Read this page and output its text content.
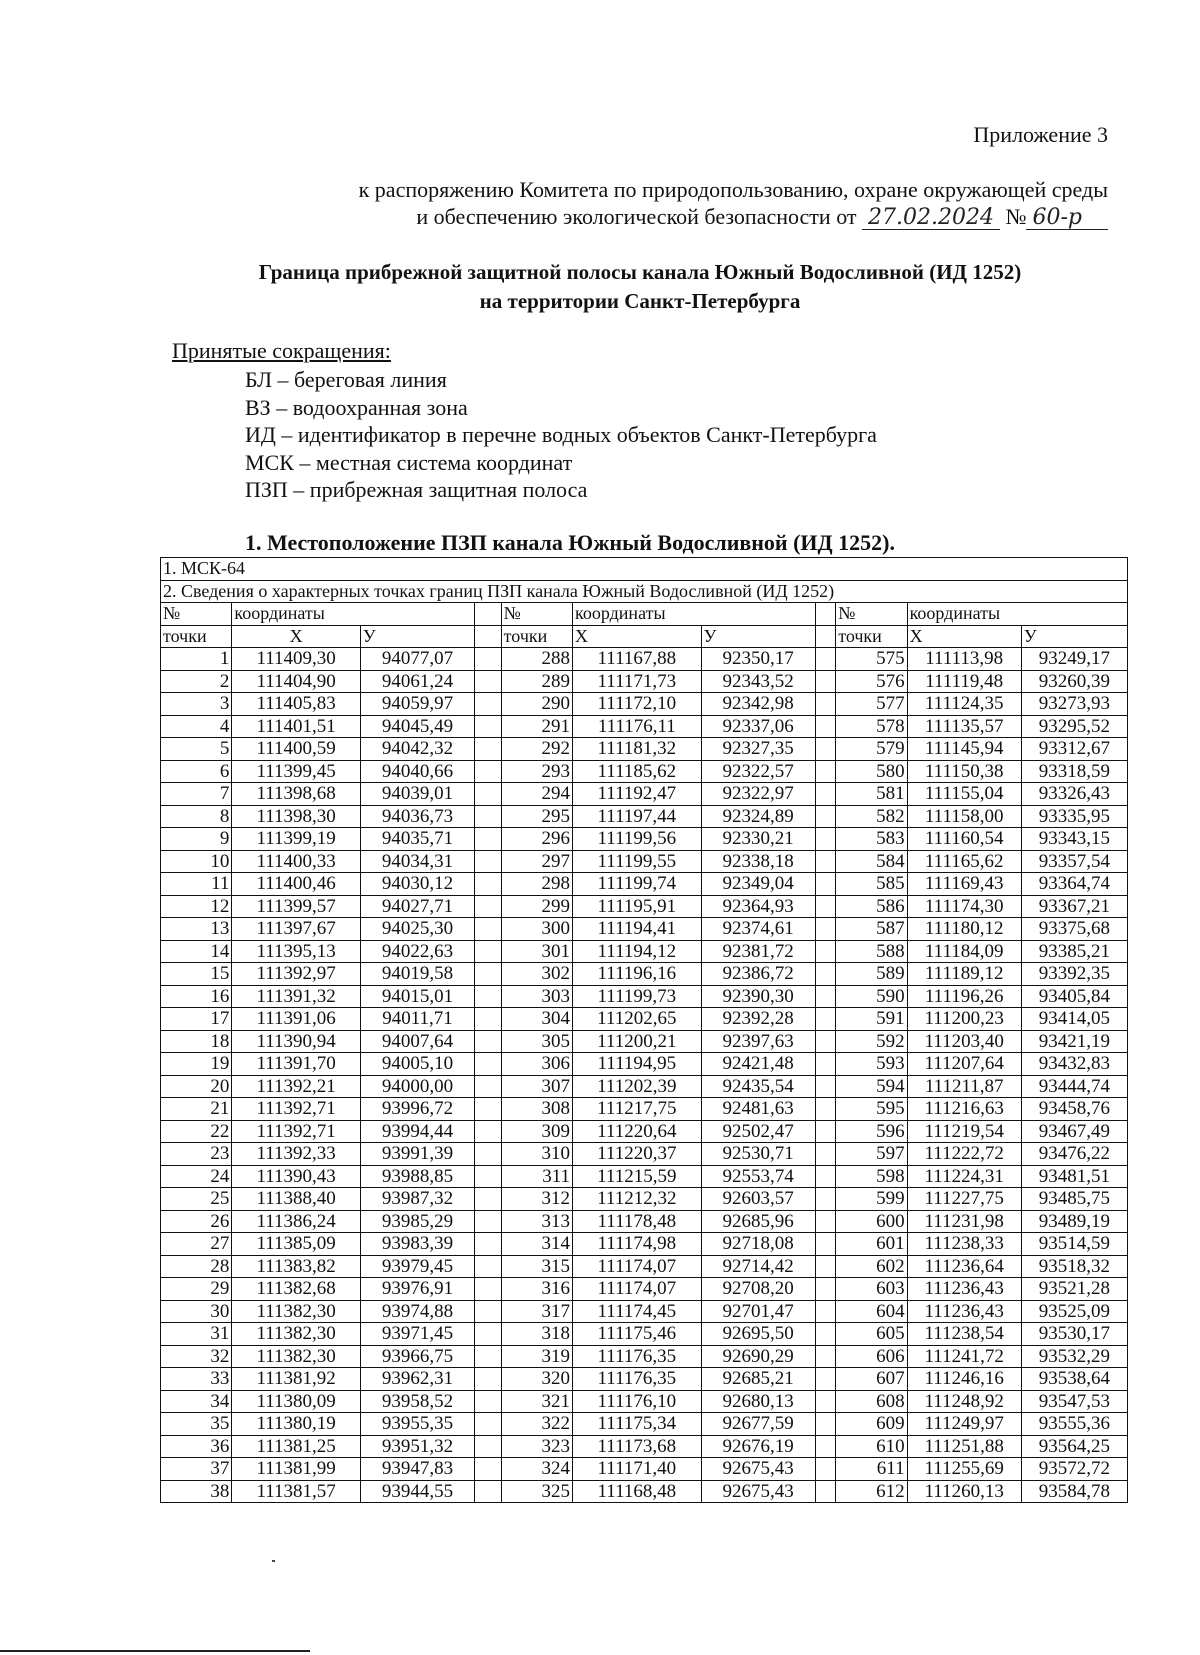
Приложение 3
к распоряжению Комитета по природопользованию, охране окружающей среды
и обеспечению экологической безопасности от 27.02.2024 № 60-р
Граница прибрежной защитной полосы канала Южный Водосливной (ИД 1252)
на территории Санкт-Петербурга
Принятые сокращения:
БЛ – береговая линия
ВЗ – водоохранная зона
ИД – идентификатор в перечне водных объектов Санкт-Петербурга
МСК – местная система координат
ПЗП – прибрежная защитная полоса
1. Местоположение ПЗП канала Южный Водосливной (ИД 1252).
1. МСК-64										
2. Сведения о характерных точках границ ПЗП канала Южный Водосливной (ИД 1252)										
№	координаты			№	координаты			№	координаты	
точки	Х	У		точки	Х	У		точки	Х	У
1	111409,30	94077,07		288	111167,88	92350,17		575	111113,98	93249,17
2	111404,90	94061,24		289	111171,73	92343,52		576	111119,48	93260,39
3	111405,83	94059,97		290	111172,10	92342,98		577	111124,35	93273,93
4	111401,51	94045,49		291	111176,11	92337,06		578	111135,57	93295,52
5	111400,59	94042,32		292	111181,32	92327,35		579	111145,94	93312,67
6	111399,45	94040,66		293	111185,62	92322,57		580	111150,38	93318,59
7	111398,68	94039,01		294	111192,47	92322,97		581	111155,04	93326,43
8	111398,30	94036,73		295	111197,44	92324,89		582	111158,00	93335,95
9	111399,19	94035,71		296	111199,56	92330,21		583	111160,54	93343,15
10	111400,33	94034,31		297	111199,55	92338,18		584	111165,62	93357,54
11	111400,46	94030,12		298	111199,74	92349,04		585	111169,43	93364,74
12	111399,57	94027,71		299	111195,91	92364,93		586	111174,30	93367,21
13	111397,67	94025,30		300	111194,41	92374,61		587	111180,12	93375,68
14	111395,13	94022,63		301	111194,12	92381,72		588	111184,09	93385,21
15	111392,97	94019,58		302	111196,16	92386,72		589	111189,12	93392,35
16	111391,32	94015,01		303	111199,73	92390,30		590	111196,26	93405,84
17	111391,06	94011,71		304	111202,65	92392,28		591	111200,23	93414,05
18	111390,94	94007,64		305	111200,21	92397,63		592	111203,40	93421,19
19	111391,70	94005,10		306	111194,95	92421,48		593	111207,64	93432,83
20	111392,21	94000,00		307	111202,39	92435,54		594	111211,87	93444,74
21	111392,71	93996,72		308	111217,75	92481,63		595	111216,63	93458,76
22	111392,71	93994,44		309	111220,64	92502,47		596	111219,54	93467,49
23	111392,33	93991,39		310	111220,37	92530,71		597	111222,72	93476,22
24	111390,43	93988,85		311	111215,59	92553,74		598	111224,31	93481,51
25	111388,40	93987,32		312	111212,32	92603,57		599	111227,75	93485,75
26	111386,24	93985,29		313	111178,48	92685,96		600	111231,98	93489,19
27	111385,09	93983,39		314	111174,98	92718,08		601	111238,33	93514,59
28	111383,82	93979,45		315	111174,07	92714,42		602	111236,64	93518,32
29	111382,68	93976,91		316	111174,07	92708,20		603	111236,43	93521,28
30	111382,30	93974,88		317	111174,45	92701,47		604	111236,43	93525,09
31	111382,30	93971,45		318	111175,46	92695,50		605	111238,54	93530,17
32	111382,30	93966,75		319	111176,35	92690,29		606	111241,72	93532,29
33	111381,92	93962,31		320	111176,35	92685,21		607	111246,16	93538,64
34	111380,09	93958,52		321	111176,10	92680,13		608	111248,92	93547,53
35	111380,19	93955,35		322	111175,34	92677,59		609	111249,97	93555,36
36	111381,25	93951,32		323	111173,68	92676,19		610	111251,88	93564,25
37	111381,99	93947,83		324	111171,40	92675,43		611	111255,69	93572,72
38	111381,57	93944,55		325	111168,48	92675,43		612	111260,13	93584,78
